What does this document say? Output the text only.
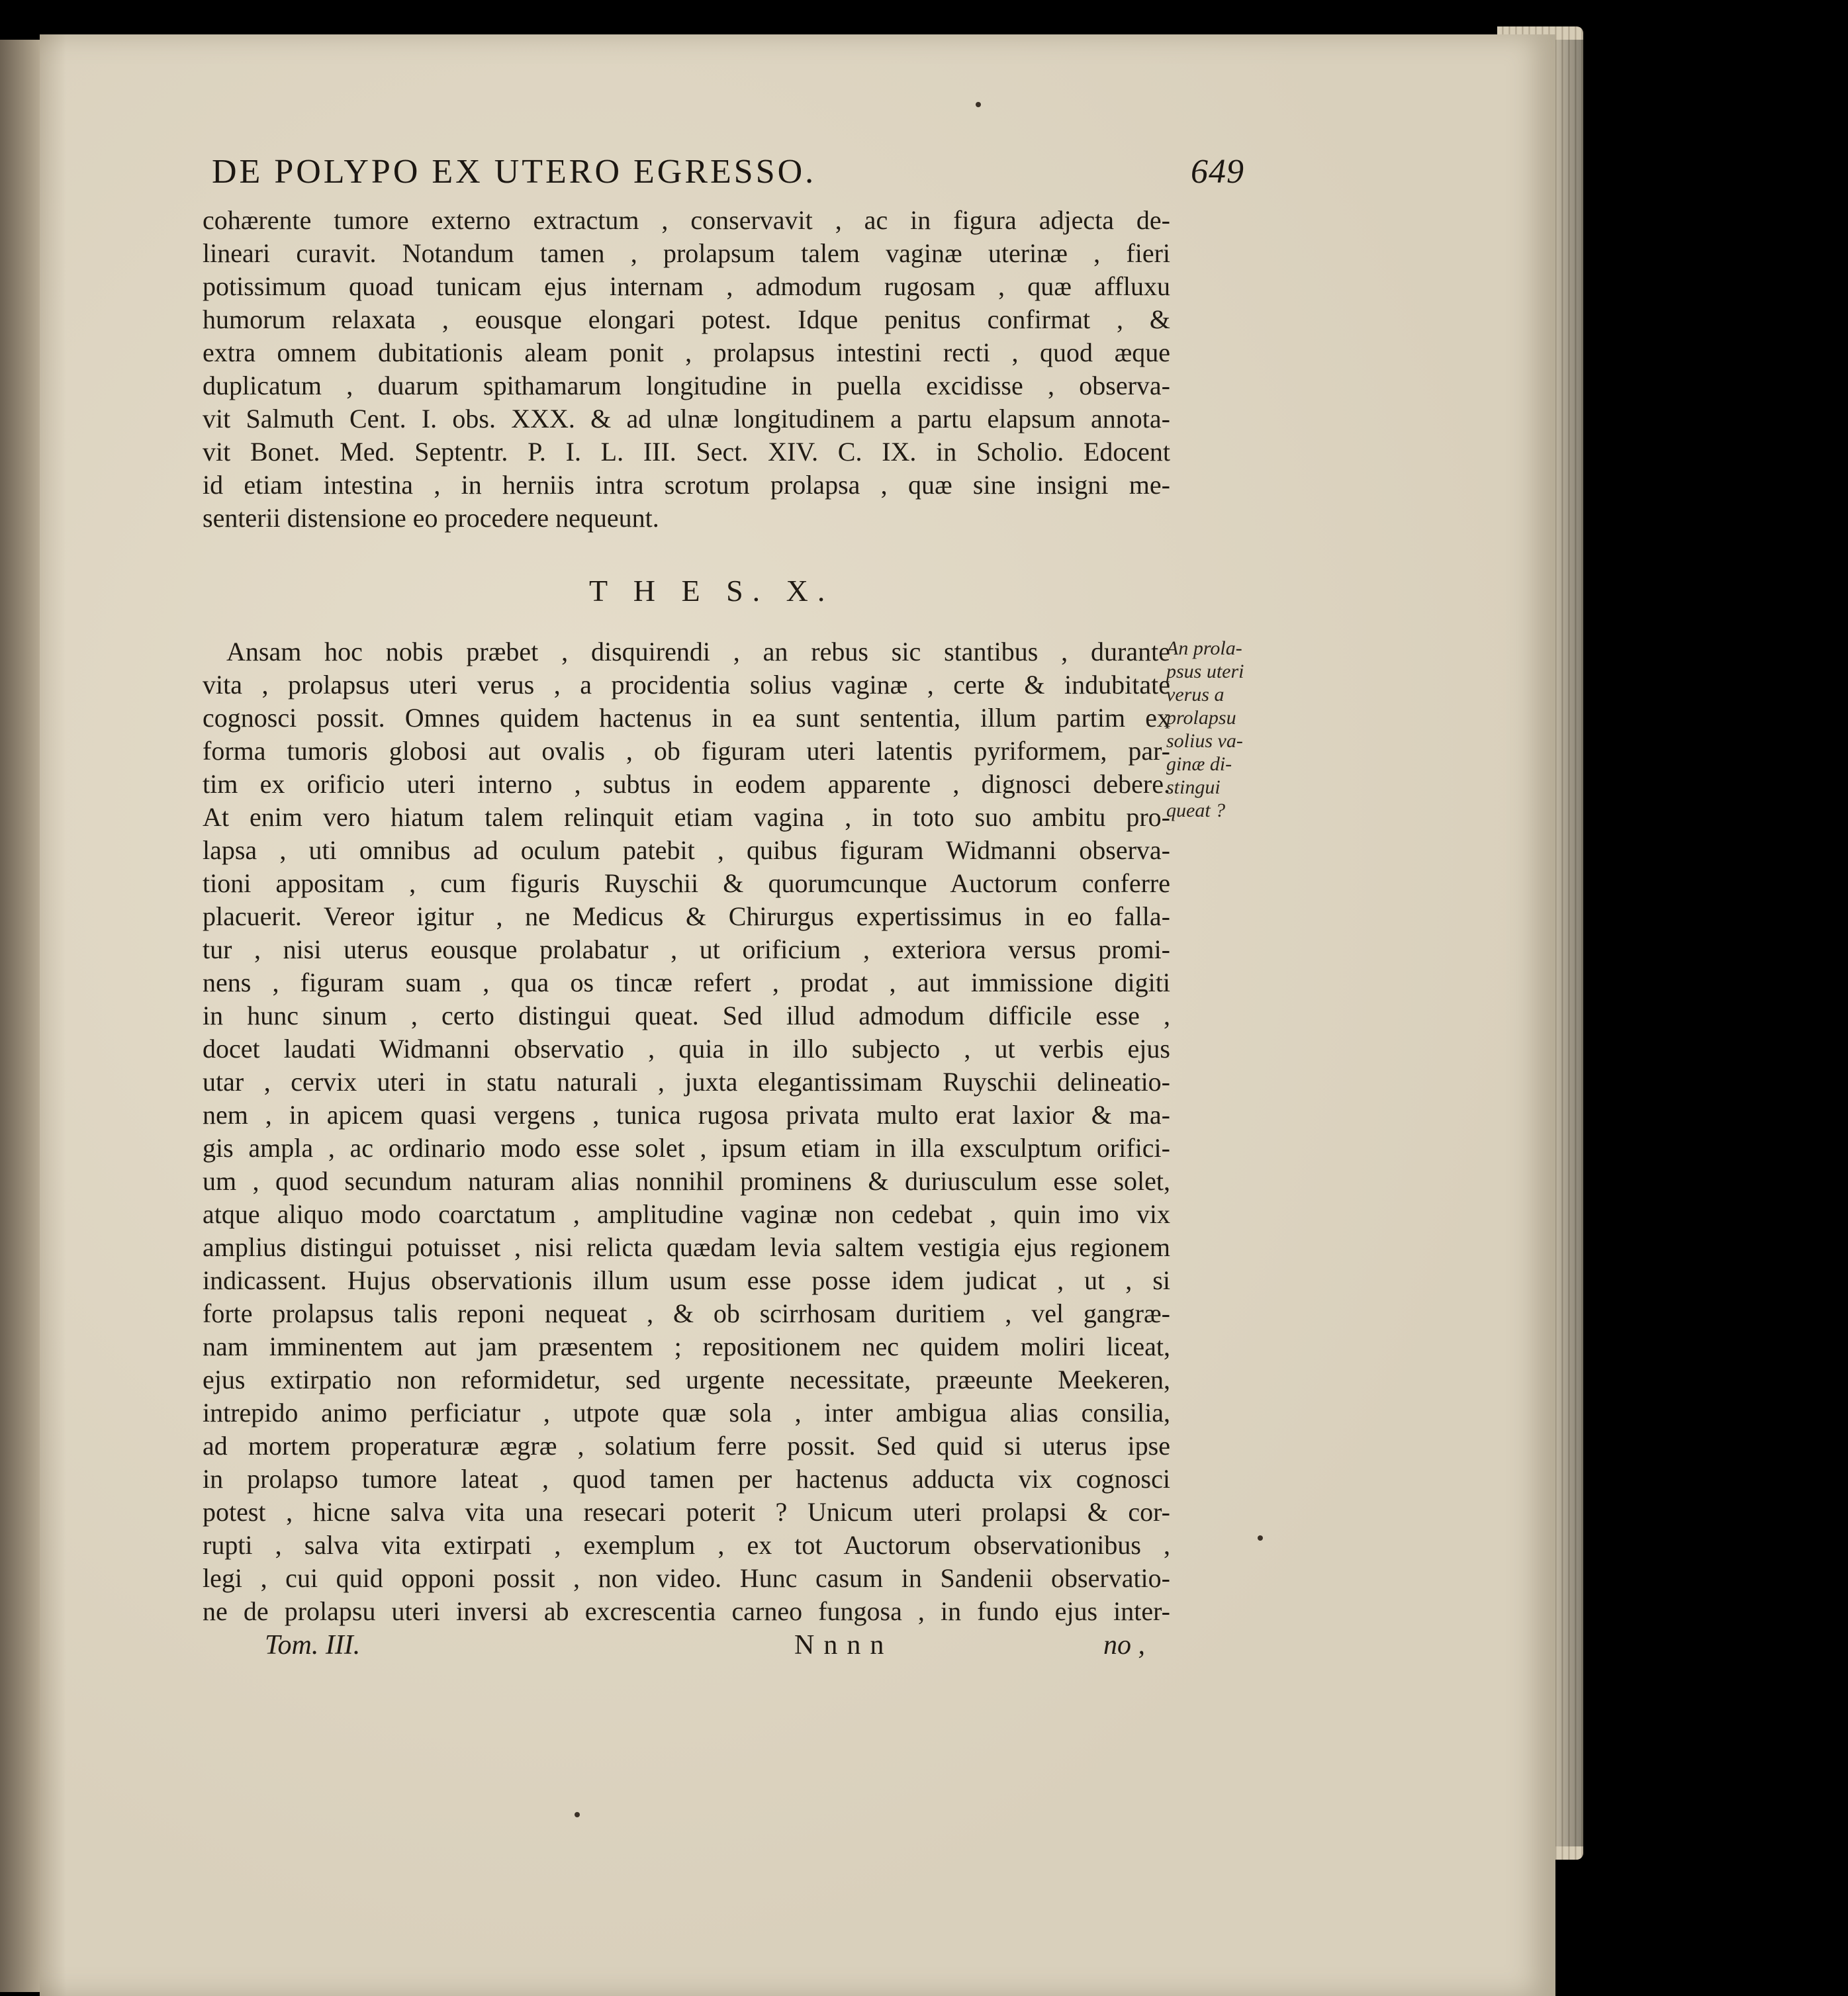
DE POLYPO EX UTERO EGRESSO.	649
cohærente tumore externo extractum , conservavit , ac in figura adjecta de-
lineari curavit. Notandum tamen , prolapsum talem vaginæ uterinæ , fieri
potissimum quoad tunicam ejus internam , admodum rugosam , quæ affluxu
humorum relaxata , eousque elongari potest. Idque penitus confirmat , &
extra omnem dubitationis aleam ponit , prolapsus intestini recti , quod æque
duplicatum , duarum spithamarum longitudine in puella excidisse , observa-
vit Salmuth Cent. I. obs. XXX. & ad ulnæ longitudinem a partu elapsum annota-
vit Bonet. Med. Septentr. P. I. L. III. Sect. XIV. C. IX. in Scholio. Edocent
id etiam intestina , in herniis intra scrotum prolapsa , quæ sine insigni me-
senterii distensione eo procedere nequeunt.
T H E S. X.
Ansam hoc nobis præbet , disquirendi , an rebus sic stantibus , durante
vita , prolapsus uteri verus , a procidentia solius vaginæ , certe & indubitate
cognosci possit. Omnes quidem hactenus in ea sunt sententia, illum partim ex
forma tumoris globosi aut ovalis , ob figuram uteri latentis pyriformem, par-
tim ex orificio uteri interno , subtus in eodem apparente , dignosci debere.
At enim vero hiatum talem relinquit etiam vagina , in toto suo ambitu pro-
lapsa , uti omnibus ad oculum patebit , quibus figuram Widmanni observa-
tioni appositam , cum figuris Ruyschii & quorumcunque Auctorum conferre
placuerit. Vereor igitur , ne Medicus & Chirurgus expertissimus in eo falla-
tur , nisi uterus eousque prolabatur , ut orificium , exteriora versus promi-
nens , figuram suam , qua os tincæ refert , prodat , aut immissione digiti
in hunc sinum , certo distingui queat. Sed illud admodum difficile esse ,
docet laudati Widmanni observatio , quia in illo subjecto , ut verbis ejus
utar , cervix uteri in statu naturali , juxta elegantissimam Ruyschii delineatio-
nem , in apicem quasi vergens , tunica rugosa privata multo erat laxior & ma-
gis ampla , ac ordinario modo esse solet , ipsum etiam in illa exsculptum orifici-
um , quod secundum naturam alias nonnihil prominens & duriusculum esse solet,
atque aliquo modo coarctatum , amplitudine vaginæ non cedebat , quin imo vix
amplius distingui potuisset , nisi relicta quædam levia saltem vestigia ejus regionem
indicassent. Hujus observationis illum usum esse posse idem judicat , ut , si
forte prolapsus talis reponi nequeat , & ob scirrhosam duritiem , vel gangræ-
nam imminentem aut jam præsentem ; repositionem nec quidem moliri liceat,
ejus extirpatio non reformidetur, sed urgente necessitate, præeunte Meekeren,
intrepido animo perficiatur , utpote quæ sola , inter ambigua alias consilia,
ad mortem properaturæ ægræ , solatium ferre possit. Sed quid si uterus ipse
in prolapso tumore lateat , quod tamen per hactenus adducta vix cognosci
potest , hicne salva vita una resecari poterit ? Unicum uteri prolapsi & cor-
rupti , salva vita extirpati , exemplum , ex tot Auctorum observationibus ,
legi , cui quid opponi possit , non video. Hunc casum in Sandenii observatio-
ne de prolapsu uteri inversi ab excrescentia carneo fungosa , in fundo ejus inter-
An prola-
psus uteri
verus a
prolapsu
solius va-
ginæ di-
stingui
queat ?
Tom. III.	Nnnn	no ,
